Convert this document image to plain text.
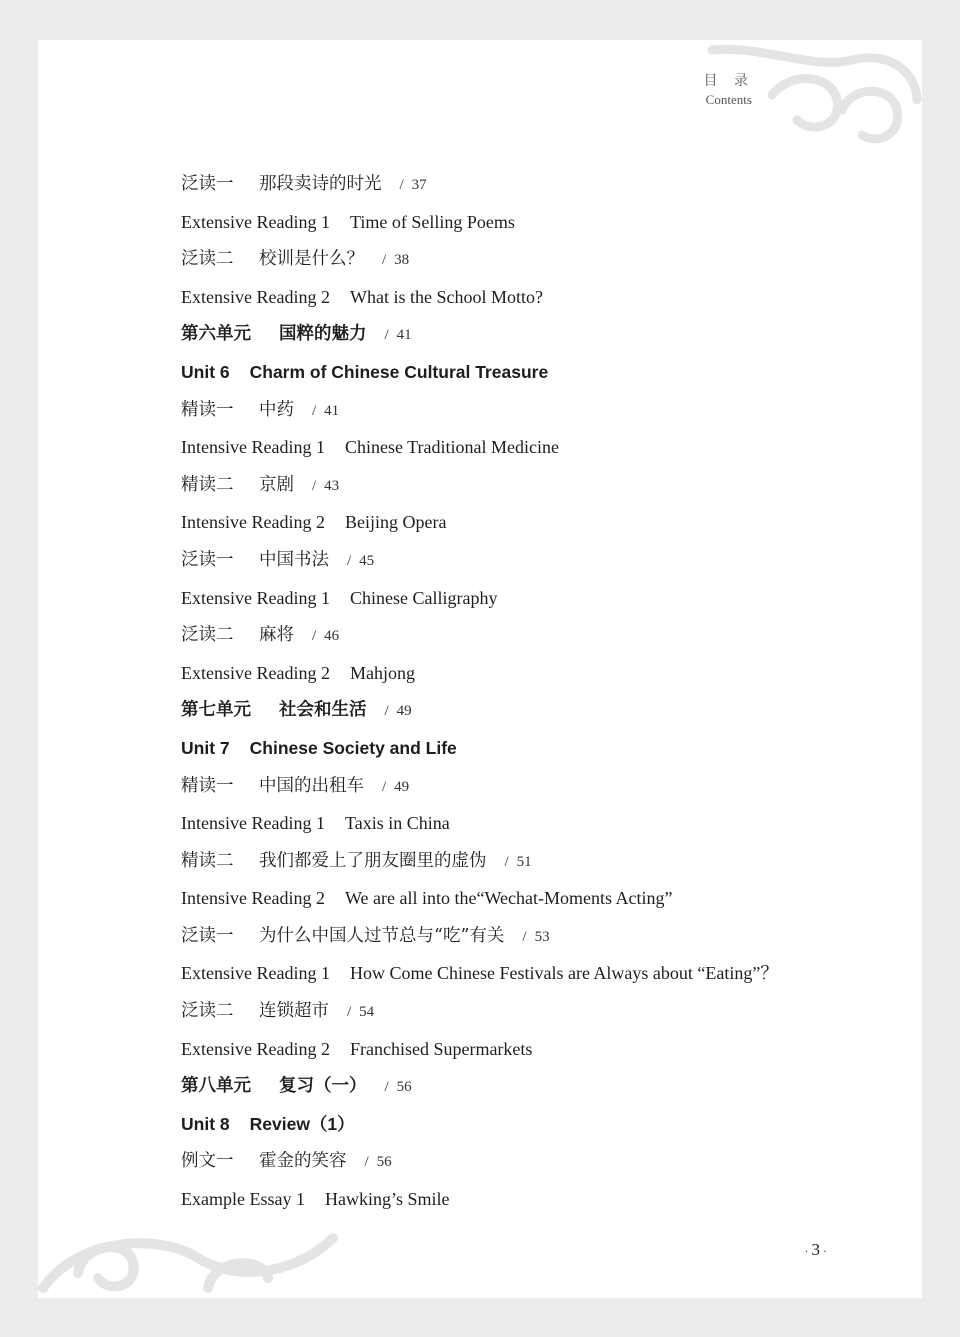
目 录
Contents
泛读一 那段卖诗的时光 / 37
Extensive Reading 1 Time of Selling Poems
泛读二 校训是什么？ / 38
Extensive Reading 2 What is the School Motto?
第六单元 国粹的魅力 / 41
Unit 6 Charm of Chinese Cultural Treasure
精读一 中药 / 41
Intensive Reading 1 Chinese Traditional Medicine
精读二 京剧 / 43
Intensive Reading 2 Beijing Opera
泛读一 中国书法 / 45
Extensive Reading 1 Chinese Calligraphy
泛读二 麻将 / 46
Extensive Reading 2 Mahjong
第七单元 社会和生活 / 49
Unit 7 Chinese Society and Life
精读一 中国的出租车 / 49
Intensive Reading 1 Taxis in China
精读二 我们都爱上了朋友圈里的虚伪 / 51
Intensive Reading 2 We are all into the“Wechat-Moments Acting”
泛读一 为什么中国人过节总与“吃”有关 / 53
Extensive Reading 1 How Come Chinese Festivals are Always about “Eating”？
泛读二 连锁超市 / 54
Extensive Reading 2 Franchised Supermarkets
第八单元 复习（一） / 56
Unit 8 Review（1）
例文一 霍金的笑容 / 56
Example Essay 1 Hawking’s Smile
· 3 ·
